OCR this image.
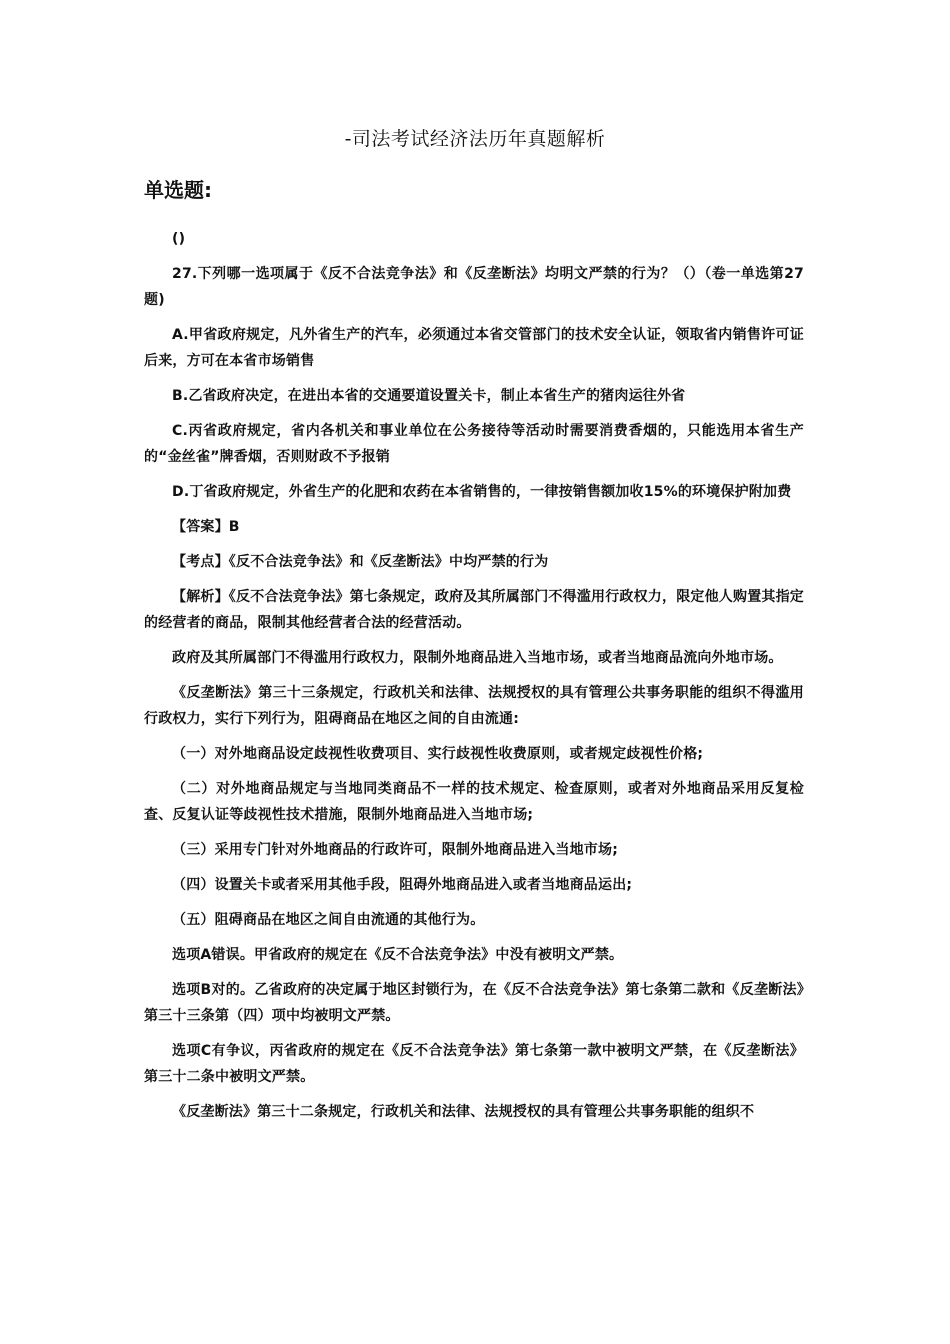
-司法考试经济法历年真题解析
单选题:

()

27.下列哪一选项属于《反不合法竞争法》和《反垄断法》均明文严禁的行为？（）（卷一单选第27题)

A.甲省政府规定，凡外省生产的汽车，必须通过本省交管部门的技术安全认证，领取省内销售许可证后来，方可在本省市场销售

B.乙省政府决定，在进出本省的交通要道设置关卡，制止本省生产的猪肉运往外省

C.丙省政府规定，省内各机关和事业单位在公务接待等活动时需要消费香烟的，只能选用本省生产的“金丝雀”牌香烟，否则财政不予报销

D.丁省政府规定，外省生产的化肥和农药在本省销售的，一律按销售额加收15%的环境保护附加费

【答案】B

【考点】《反不合法竞争法》和《反垄断法》中均严禁的行为

【解析】《反不合法竞争法》第七条规定，政府及其所属部门不得滥用行政权力，限定他人购置其指定的经营者的商品，限制其他经营者合法的经营活动。

政府及其所属部门不得滥用行政权力，限制外地商品进入当地市场，或者当地商品流向外地市场。

《反垄断法》第三十三条规定，行政机关和法律、法规授权的具有管理公共事务职能的组织不得滥用行政权力，实行下列行为，阻碍商品在地区之间的自由流通:

（一）对外地商品设定歧视性收费项目、实行歧视性收费原则，或者规定歧视性价格;

（二）对外地商品规定与当地同类商品不一样的技术规定、检查原则，或者对外地商品采用反复检查、反复认证等歧视性技术措施，限制外地商品进入当地市场;

（三）采用专门针对外地商品的行政许可，限制外地商品进入当地市场;

（四）设置关卡或者采用其他手段，阻碍外地商品进入或者当地商品运出;

（五）阻碍商品在地区之间自由流通的其他行为。

选项A错误。甲省政府的规定在《反不合法竞争法》中没有被明文严禁。

选项B对的。乙省政府的决定属于地区封锁行为，在《反不合法竞争法》第七条第二款和《反垄断法》第三十三条第（四）项中均被明文严禁。

选项C有争议，丙省政府的规定在《反不合法竞争法》第七条第一款中被明文严禁，在《反垄断法》第三十二条中被明文严禁。

《反垄断法》第三十二条规定，行政机关和法律、法规授权的具有管理公共事务职能的组织不
